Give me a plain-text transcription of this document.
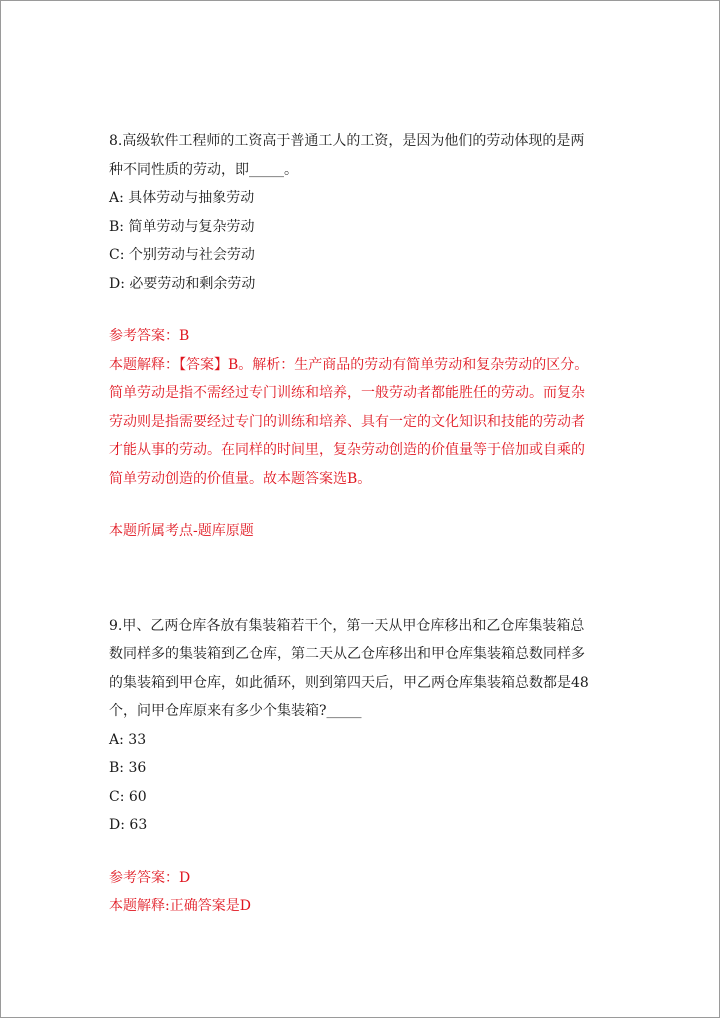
8.高级软件工程师的工资高于普通工人的工资，是因为他们的劳动体现的是两
种不同性质的劳动，即_____。
A: 具体劳动与抽象劳动
B: 简单劳动与复杂劳动
C: 个别劳动与社会劳动
D: 必要劳动和剩余劳动
参考答案：B
本题解释：【答案】B。解析：生产商品的劳动有简单劳动和复杂劳动的区分。
简单劳动是指不需经过专门训练和培养，一般劳动者都能胜任的劳动。而复杂
劳动则是指需要经过专门的训练和培养、具有一定的文化知识和技能的劳动者
才能从事的劳动。在同样的时间里，复杂劳动创造的价值量等于倍加或自乘的
简单劳动创造的价值量。故本题答案选B。
本题所属考点-题库原题
9.甲、乙两仓库各放有集装箱若干个，第一天从甲仓库移出和乙仓库集装箱总
数同样多的集装箱到乙仓库，第二天从乙仓库移出和甲仓库集装箱总数同样多
的集装箱到甲仓库，如此循环，则到第四天后，甲乙两仓库集装箱总数都是48
个，问甲仓库原来有多少个集装箱?_____
A: 33
B: 36
C: 60
D: 63
参考答案：D
本题解释:正确答案是D
